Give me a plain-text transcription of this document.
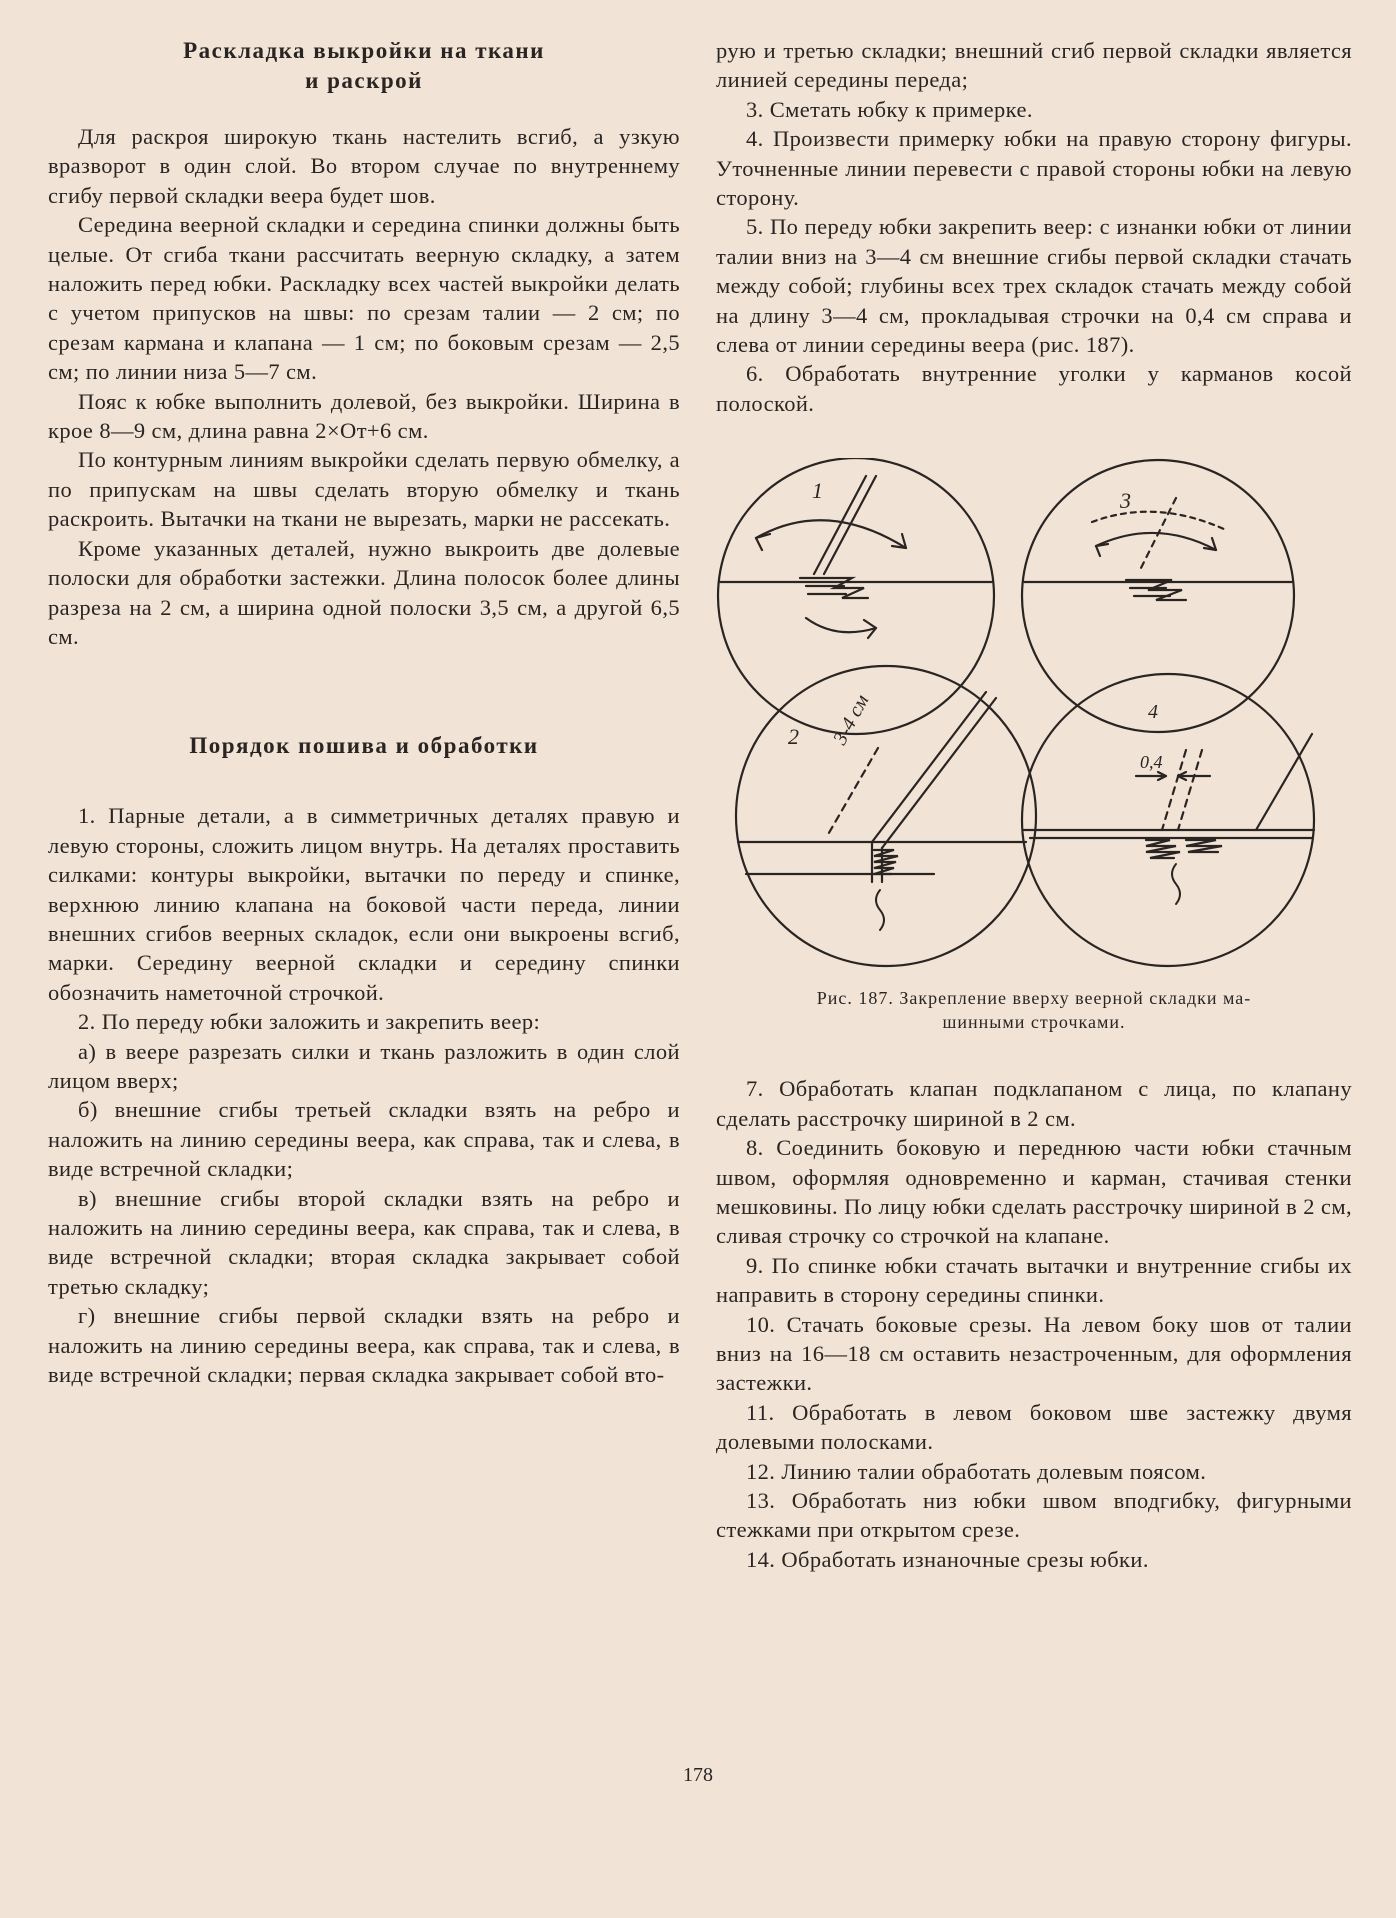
Раскладка выкройки на ткани
и раскрой

Для раскроя широкую ткань настелить всгиб, а узкую вразворот в один слой. Во втором случае по внутреннему сгибу первой складки веера будет шов.

Середина веерной складки и середина спинки должны быть целые. От сгиба ткани рассчитать веерную складку, а затем наложить перед юбки. Раскладку всех частей выкройки делать с учетом припусков на швы: по срезам талии — 2 см; по срезам кармана и клапана — 1 см; по боковым срезам — 2,5 см; по линии низа 5—7 см.

Пояс к юбке выполнить долевой, без выкройки. Ширина в крое 8—9 см, длина равна 2×От+6 см.

По контурным линиям выкройки сделать первую обмелку, а по припускам на швы сделать вторую обмелку и ткань раскроить. Вытачки на ткани не вырезать, марки не рассекать.

Кроме указанных деталей, нужно выкроить две долевые полоски для обработки застежки. Длина полосок более длины разреза на 2 см, а ширина одной полоски 3,5 см, а другой 6,5 см.

Порядок пошива и обработки

1. Парные детали, а в симметричных деталях правую и левую стороны, сложить лицом внутрь. На деталях проставить силками: контуры выкройки, вытачки по переду и спинке, верхнюю линию клапана на боковой части переда, линии внешних сгибов веерных складок, если они выкроены всгиб, марки. Середину веерной складки и середину спинки обозначить наметочной строчкой.

2. По переду юбки заложить и закрепить веер:

а) в веере разрезать силки и ткань разложить в один слой лицом вверх;

б) внешние сгибы третьей складки взять на ребро и наложить на линию середины веера, как справа, так и слева, в виде встречной складки;

в) внешние сгибы второй складки взять на ребро и наложить на линию середины веера, как справа, так и слева, в виде встречной складки; вторая складка закрывает собой третью складку;

г) внешние сгибы первой складки взять на ребро и наложить на линию середины веера, как справа, так и слева, в виде встречной складки; первая складка закрывает собой вто-

рую и третью складки; внешний сгиб первой складки является линией середины переда;

3. Сметать юбку к примерке.

4. Произвести примерку юбки на правую сторону фигуры. Уточненные линии перевести с правой стороны юбки на левую сторону.

5. По переду юбки закрепить веер: с изнанки юбки от линии талии вниз на 3—4 см внешние сгибы первой складки стачать между собой; глубины всех трех складок стачать между собой на длину 3—4 см, прокладывая строчки на 0,4 см справа и слева от линии середины веера (рис. 187).

6. Обработать внутренние уголки у карманов косой полоской.

1	3
3-4 см
2
0,4
4
Рис. 187. Закрепление вверху веерной складки ма-
шинными строчками.

7. Обработать клапан подклапаном с лица, по клапану сделать расстрочку шириной в 2 см.

8. Соединить боковую и переднюю части юбки стачным швом, оформляя одновременно и карман, стачивая стенки мешковины. По лицу юбки сделать расстрочку шириной в 2 см, сливая строчку со строчкой на клапане.

9. По спинке юбки стачать вытачки и внутренние сгибы их направить в сторону середины спинки.

10. Стачать боковые срезы. На левом боку шов от талии вниз на 16—18 см оставить незастроченным, для оформления застежки.

11. Обработать в левом боковом шве застежку двумя долевыми полосками.

12. Линию талии обработать долевым поясом.

13. Обработать низ юбки швом вподгибку, фигурными стежками при открытом срезе.

14. Обработать изнаночные срезы юбки.

178
